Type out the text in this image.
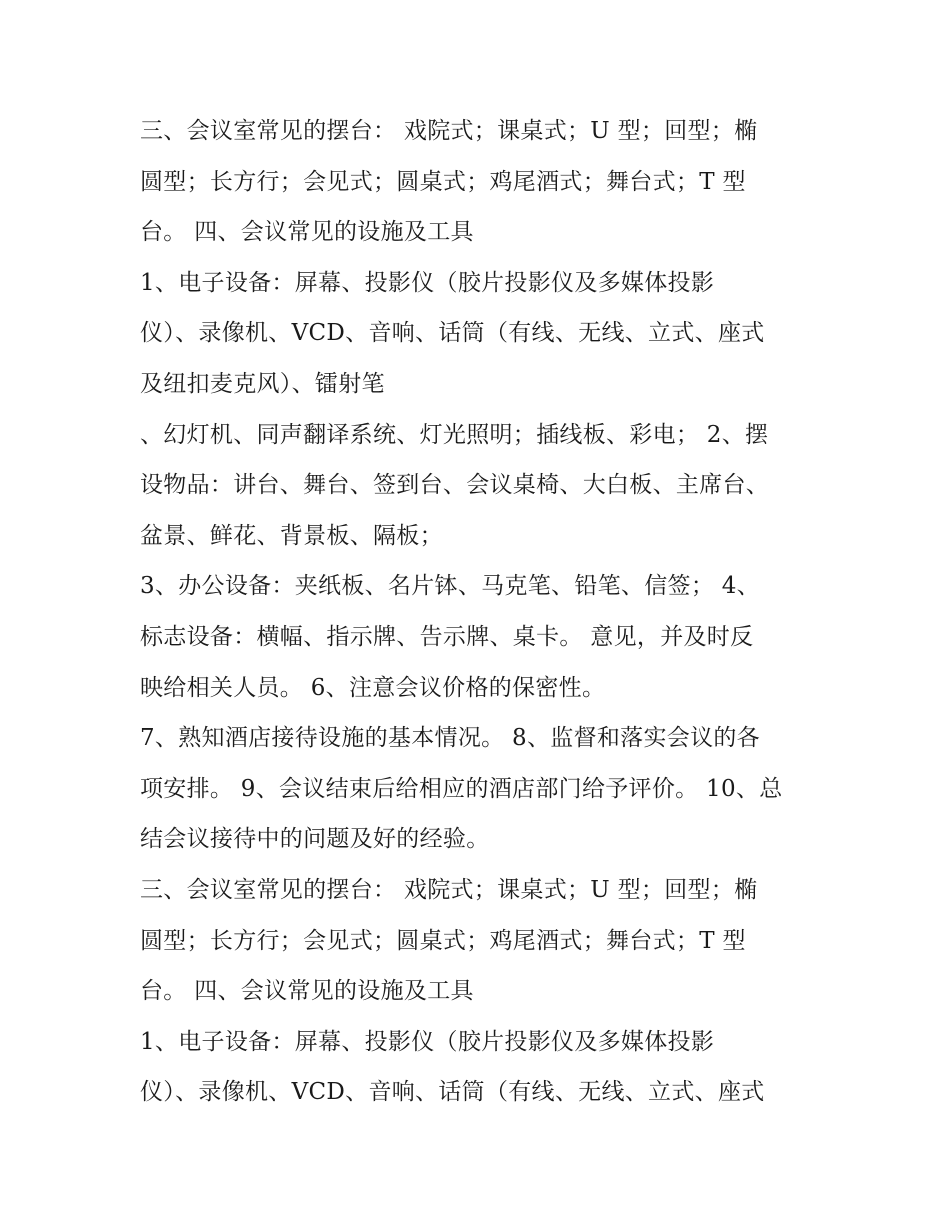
三、会议室常见的摆台： 戏院式；课桌式；U 型；回型；椭
圆型；长方行；会见式；圆桌式；鸡尾酒式；舞台式；T 型
台。 四、会议常见的设施及工具
1、电子设备：屏幕、投影仪（胶片投影仪及多媒体投影
仪）、录像机、VCD、音响、话筒（有线、无线、立式、座式
及纽扣麦克风）、镭射笔
、幻灯机、同声翻译系统、灯光照明；插线板、彩电； 2、摆
设物品：讲台、舞台、签到台、会议桌椅、大白板、主席台、
盆景、鲜花、背景板、隔板；
3、办公设备：夹纸板、名片钵、马克笔、铅笔、信签； 4、
标志设备：横幅、指示牌、告示牌、桌卡。 意见，并及时反
映给相关人员。 6、注意会议价格的保密性。
7、熟知酒店接待设施的基本情况。 8、监督和落实会议的各
项安排。 9、会议结束后给相应的酒店部门给予评价。 10、总
结会议接待中的问题及好的经验。
三、会议室常见的摆台： 戏院式；课桌式；U 型；回型；椭
圆型；长方行；会见式；圆桌式；鸡尾酒式；舞台式；T 型
台。 四、会议常见的设施及工具
1、电子设备：屏幕、投影仪（胶片投影仪及多媒体投影
仪）、录像机、VCD、音响、话筒（有线、无线、立式、座式
